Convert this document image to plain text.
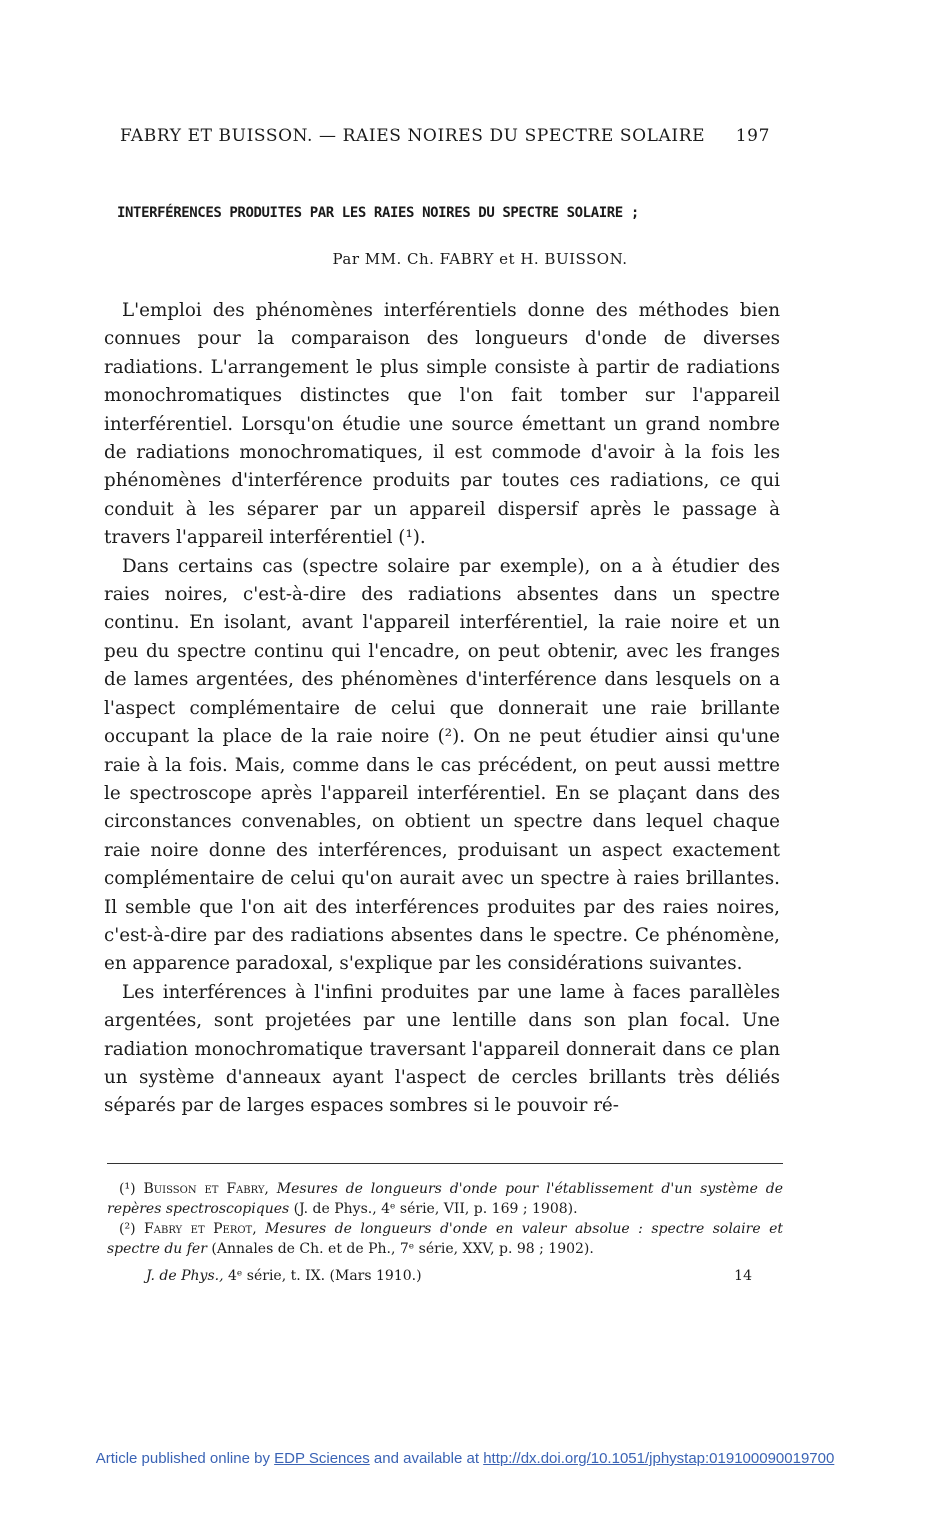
FABRY ET BUISSON. — RAIES NOIRES DU SPECTRE SOLAIRE 197
INTERFÉRENCES PRODUITES PAR LES RAIES NOIRES DU SPECTRE SOLAIRE ;
Par MM. Ch. FABRY et H. BUISSON.

L'emploi des phénomènes interférentiels donne des méthodes bien connues pour la comparaison des longueurs d'onde de diverses radiations. L'arrangement le plus simple consiste à partir de radiations monochromatiques distinctes que l'on fait tomber sur l'appareil interférentiel. Lorsqu'on étudie une source émettant un grand nombre de radiations monochromatiques, il est commode d'avoir à la fois les phénomènes d'interférence produits par toutes ces radiations, ce qui conduit à les séparer par un appareil dispersif après le passage à travers l'appareil interférentiel (¹).

Dans certains cas (spectre solaire par exemple), on a à étudier des raies noires, c'est-à-dire des radiations absentes dans un spectre continu. En isolant, avant l'appareil interférentiel, la raie noire et un peu du spectre continu qui l'encadre, on peut obtenir, avec les franges de lames argentées, des phénomènes d'interférence dans lesquels on a l'aspect complémentaire de celui que donnerait une raie brillante occupant la place de la raie noire (²). On ne peut étudier ainsi qu'une raie à la fois. Mais, comme dans le cas précédent, on peut aussi mettre le spectroscope après l'appareil interférentiel. En se plaçant dans des circonstances convenables, on obtient un spectre dans lequel chaque raie noire donne des interférences, produisant un aspect exactement complémentaire de celui qu'on aurait avec un spectre à raies brillantes. Il semble que l'on ait des interférences produites par des raies noires, c'est-à-dire par des radiations absentes dans le spectre. Ce phénomène, en apparence paradoxal, s'explique par les considérations suivantes.

Les interférences à l'infini produites par une lame à faces parallèles argentées, sont projetées par une lentille dans son plan focal. Une radiation monochromatique traversant l'appareil donnerait dans ce plan un système d'anneaux ayant l'aspect de cercles brillants très déliés séparés par de larges espaces sombres si le pouvoir ré-

(¹) Buisson et Fabry, Mesures de longueurs d'onde pour l'établissement d'un système de repères spectroscopiques (J. de Phys., 4ᵉ série, VII, p. 169 ; 1908).

(²) Fabry et Perot, Mesures de longueurs d'onde en valeur absolue : spectre solaire et spectre du fer (Annales de Ch. et de Ph., 7ᵉ série, XXV, p. 98 ; 1902).

J. de Phys., 4ᵉ série, t. IX. (Mars 1910.)	14
Article published online by EDP Sciences and available at http://dx.doi.org/10.1051/jphystap:019100090019700
